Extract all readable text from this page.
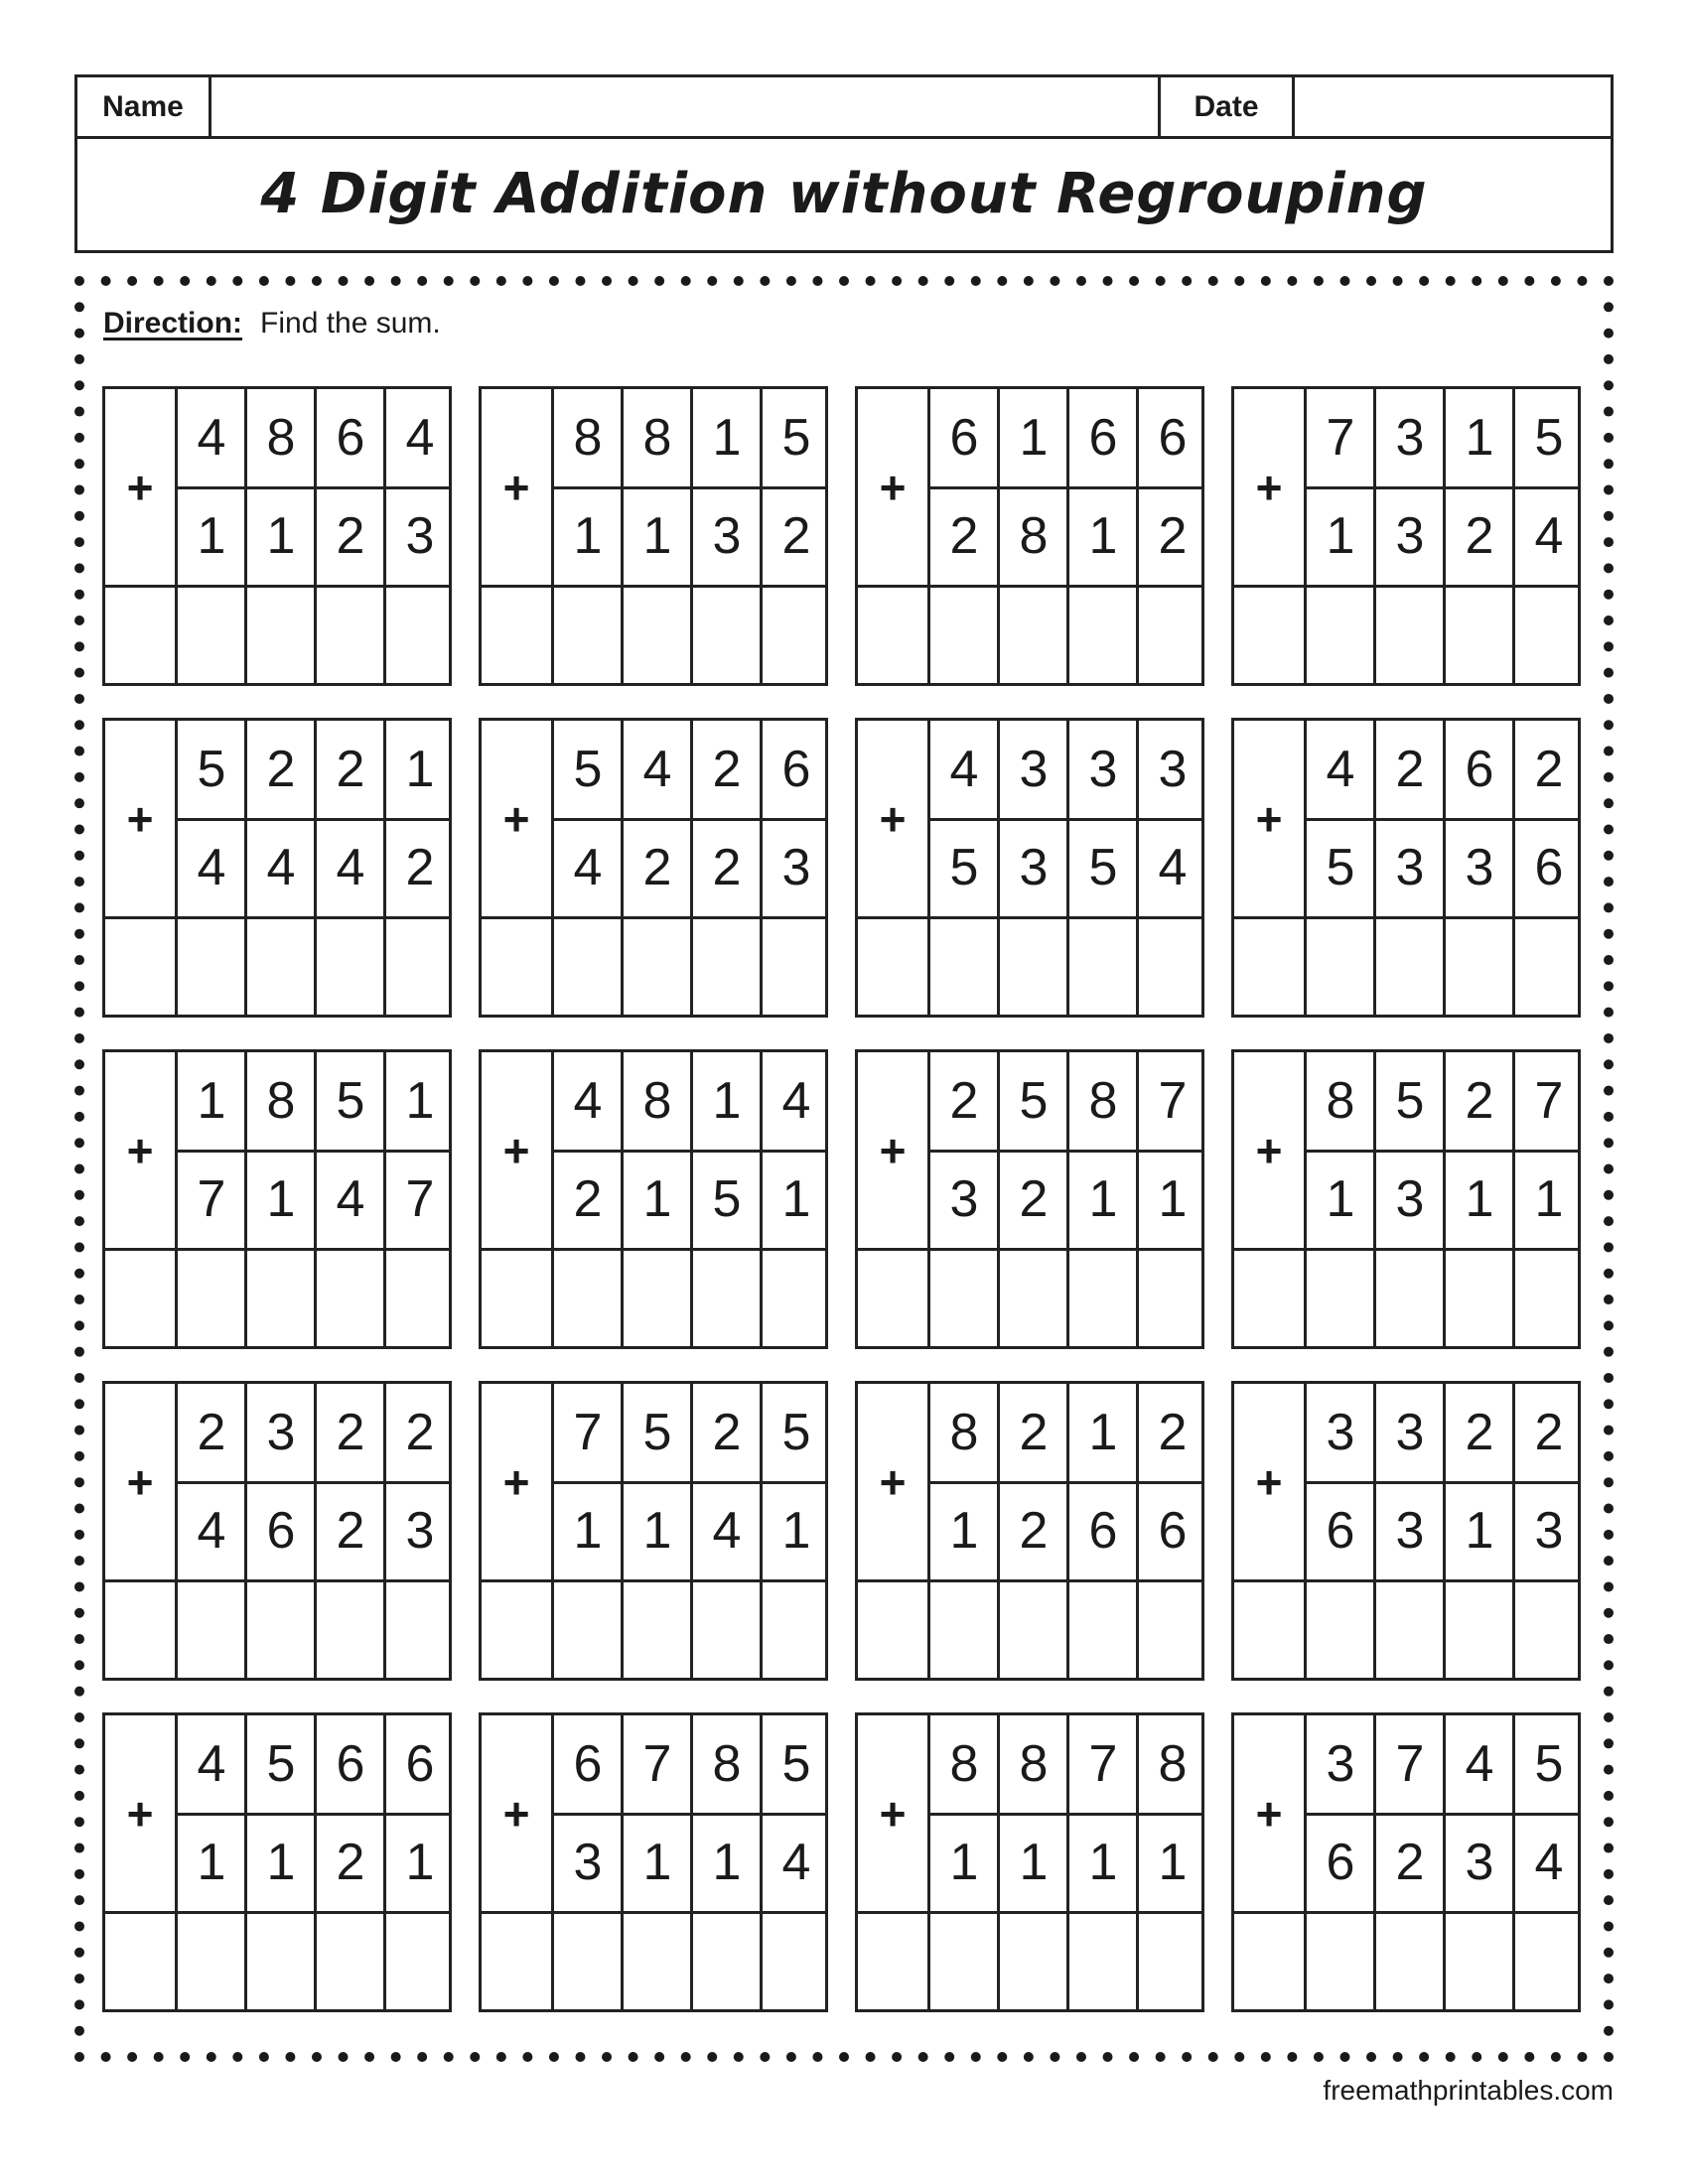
Name	Date
4 Digit Addition without Regrouping
Direction: Find the sum.
+
4 8 6 4
1 1 2 3
+
8 8 1 5
1 1 3 2
+
6 1 6 6
2 8 1 2
+
7 3 1 5
1 3 2 4
+
5 2 2 1
4 4 4 2
+
5 4 2 6
4 2 2 3
+
4 3 3 3
5 3 5 4
+
4 2 6 2
5 3 3 6
+
1 8 5 1
7 1 4 7
+
4 8 1 4
2 1 5 1
+
2 5 8 7
3 2 1 1
+
8 5 2 7
1 3 1 1
+
2 3 2 2
4 6 2 3
+
7 5 2 5
1 1 4 1
+
8 2 1 2
1 2 6 6
+
3 3 2 2
6 3 1 3
+
4 5 6 6
1 1 2 1
+
6 7 8 5
3 1 1 4
+
8 8 7 8
1 1 1 1
+
3 7 4 5
6 2 3 4
freemathprintables.com
